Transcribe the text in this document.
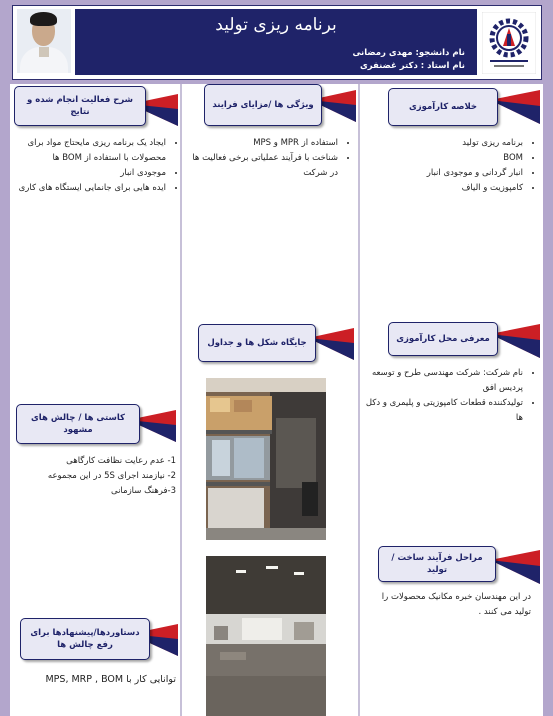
برنامه ریزی تولید
نام دانشجو: مهدی رمضانی
نام استاد : دکتر غضنفری
خلاصه کارآموزی
• برنامه ریزی تولید
• BOM
• انبار گردانی و موجودی انبار
• کامپوزیت و الیاف
معرفی محل کارآموزی
• نام شرکت: شرکت مهندسی طرح و توسعه پردیس افق
• تولیدکننده قطعات کامپوزیتی و پلیمری و دکل ها
مراحل فرآیند ساخت / تولید
در این مهندسان خبره مکانیک محصولات را تولید می کنند .
ویژگی ها /مزایای فرایند
• استفاده از MPR و MPS
• شناخت با فرآیند عملیاتی برخی فعالیت ها در شرکت
جایگاه شکل ها و جداول
شرح فعالیت انجام شده و نتایج
• ایجاد یک برنامه ریزی مایحتاج مواد برای محصولات با استفاده از BOM ها
• موجودی انبار
• ایده هایی برای جانمایی ایستگاه های کاری
کاستی ها / چالش های مشهود
1- عدم رعایت نظافت کارگاهی
2- نیازمند اجرای 5S در این مجموعه
3-فرهنگ سازمانی
دستاوردها/پیشنهادها برای رفع چالش ها
توانایی کار با MPS, MRP , BOM
